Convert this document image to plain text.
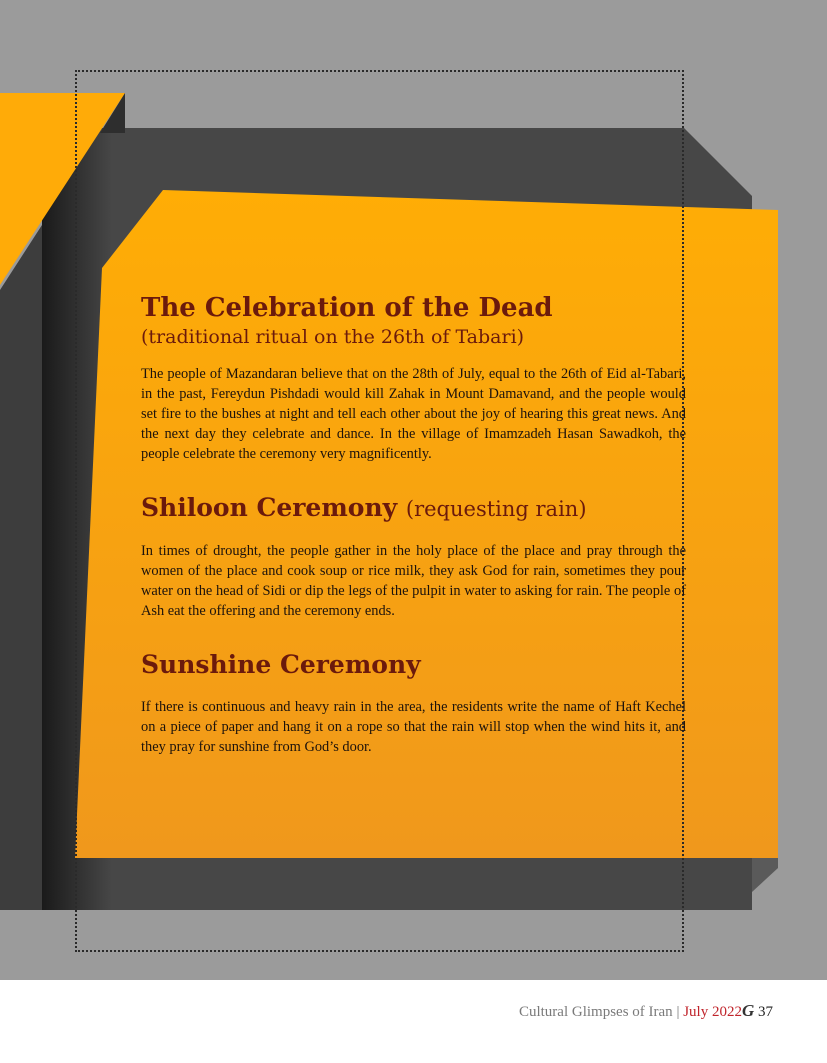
The Celebration of the Dead
(traditional ritual on the 26th of Tabari)

The people of Mazandaran believe that on the 28th of July, equal to the 26th of Eid al-Tabari, in the past, Fereydun Pishdadi would kill Zahak in Mount Damavand, and the people would set fire to the bushes at night and tell each other about the joy of hearing this great news. And the next day they celebrate and dance. In the village of Imamzadeh Hasan Sawadkoh, the people celebrate the ceremony very magnificently.

Shiloon Ceremony (requesting rain)

In times of drought, the people gather in the holy place of the place and pray through the women of the place and cook soup or rice milk, they ask God for rain, sometimes they pour water on the head of Sidi or dip the legs of the pulpit in water to asking for rain. The people of Ash eat the offering and the ceremony ends.

Sunshine Ceremony

If there is continuous and heavy rain in the area, the residents write the name of Haft Kechel on a piece of paper and hang it on a rope so that the rain will stop when the wind hits it, and they pray for sunshine from God’s door.

Cultural Glimpses of Iran | July 2022G 37
